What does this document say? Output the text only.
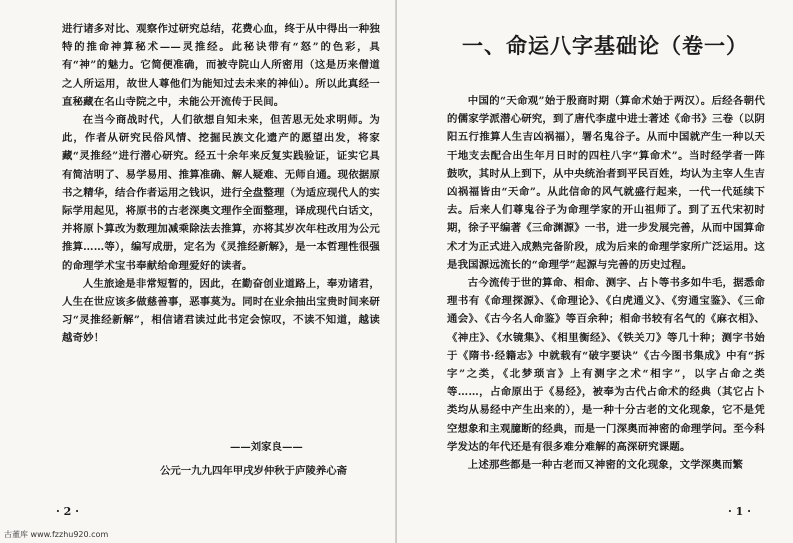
进行诸多对比、观察作过研究总结，花费心血，终于从中得出一种独特的推命神算秘术——灵推经。此秘诀带有“怒”的色彩，具有“神”的魅力。它简便准确，而被寺院山人所密用（这是历来僧道之人所运用，故世人尊他们为能知过去未来的神仙）。所以此真经一直秘藏在名山寺院之中，未能公开流传于民间。

在当今商战时代，人们欲想自知未来，但苦思无处求明师。为此，作者从研究民俗风情、挖掘民族文化遗产的愿望出发，将家藏“灵推经”进行潜心研究。经五十余年来反复实践验证，证实它具有简洁明了、易学易用、推算准确、解人疑难、无师自通。现依据原书之精华，结合作者运用之钱识，进行全盘整理（为适应现代人的实际学用起见，将原书的古老深奥文理作全面整理，译成现代白话文，并将原卜算改为数理加减乘除法去推算，亦将其岁次年柱改用为公元推算……等），编写成册，定名为《灵推经新解》，是一本哲理性很强的命理学术宝书奉献给命理爱好的读者。

人生旅途是非常短暂的，因此，在勤奋创业道路上，奉劝诸君，人生在世应该多做慈善事，恶事莫为。同时在业余抽出宝贵时间来研习“灵推经新解”，相信诸君读过此书定会惊叹，不读不知道，越读越奇妙！

——刘家良——
公元一九九四年甲戌岁仲秋于庐陵养心斋
· 2 ·
一、命运八字基础论（卷一）

中国的“天命观”始于殷商时期（算命术始于两汉）。后经各朝代的儒家学派潜心研究，到了唐代李虚中进士著述《命书》三卷（以阴阳五行推算人生吉凶祸福），署名鬼谷子。从而中国就产生一种以天干地支去配合出生年月日时的四柱八字“算命术”。当时经学者一阵鼓吹，其时从上到下，从中央统治者到平民百姓，均认为主宰人生吉凶祸福皆由“天命”。从此信命的风气就盛行起来，一代一代延续下去。后来人们尊鬼谷子为命理学家的开山祖师了。到了五代宋初时期，徐子平编著《三命渊源》一书，进一步发展完善，从而中国算命术才为正式进入成熟完备阶段，成为后来的命理学家所广泛运用。这是我国源远流长的“命理学”起源与完善的历史过程。

古今流传于世的算命、相命、测字、占卜等书多如牛毛，据悉命理书有《命理探源》、《命理论》、《白虎通义》、《穷通宝鉴》、《三命通会》、《古今名人命鉴》等百余种；相命书较有名气的《麻衣相》、《神庄》、《水镜集》、《相里衡经》、《铁关刀》等几十种；测字书始于《隋书·经籍志》中就载有“破字要诀”《古今图书集成》中有“拆字”之类，《北梦琐言》上有测字之术“相字”，以字占命之类等……，占命原出于《易经》，被奉为古代占命术的经典（其它占卜类均从易经中产生出来的），是一种十分古老的文化现象，它不是凭空想象和主观臆断的经典，而是一门深奥而神密的命理学问。至今科学发达的年代还是有很多难分难解的高深研究课题。

上述那些都是一种古老而又神密的文化现象，文学深奥而繁

· 1 ·
古董库 www.fzzhu920.com
